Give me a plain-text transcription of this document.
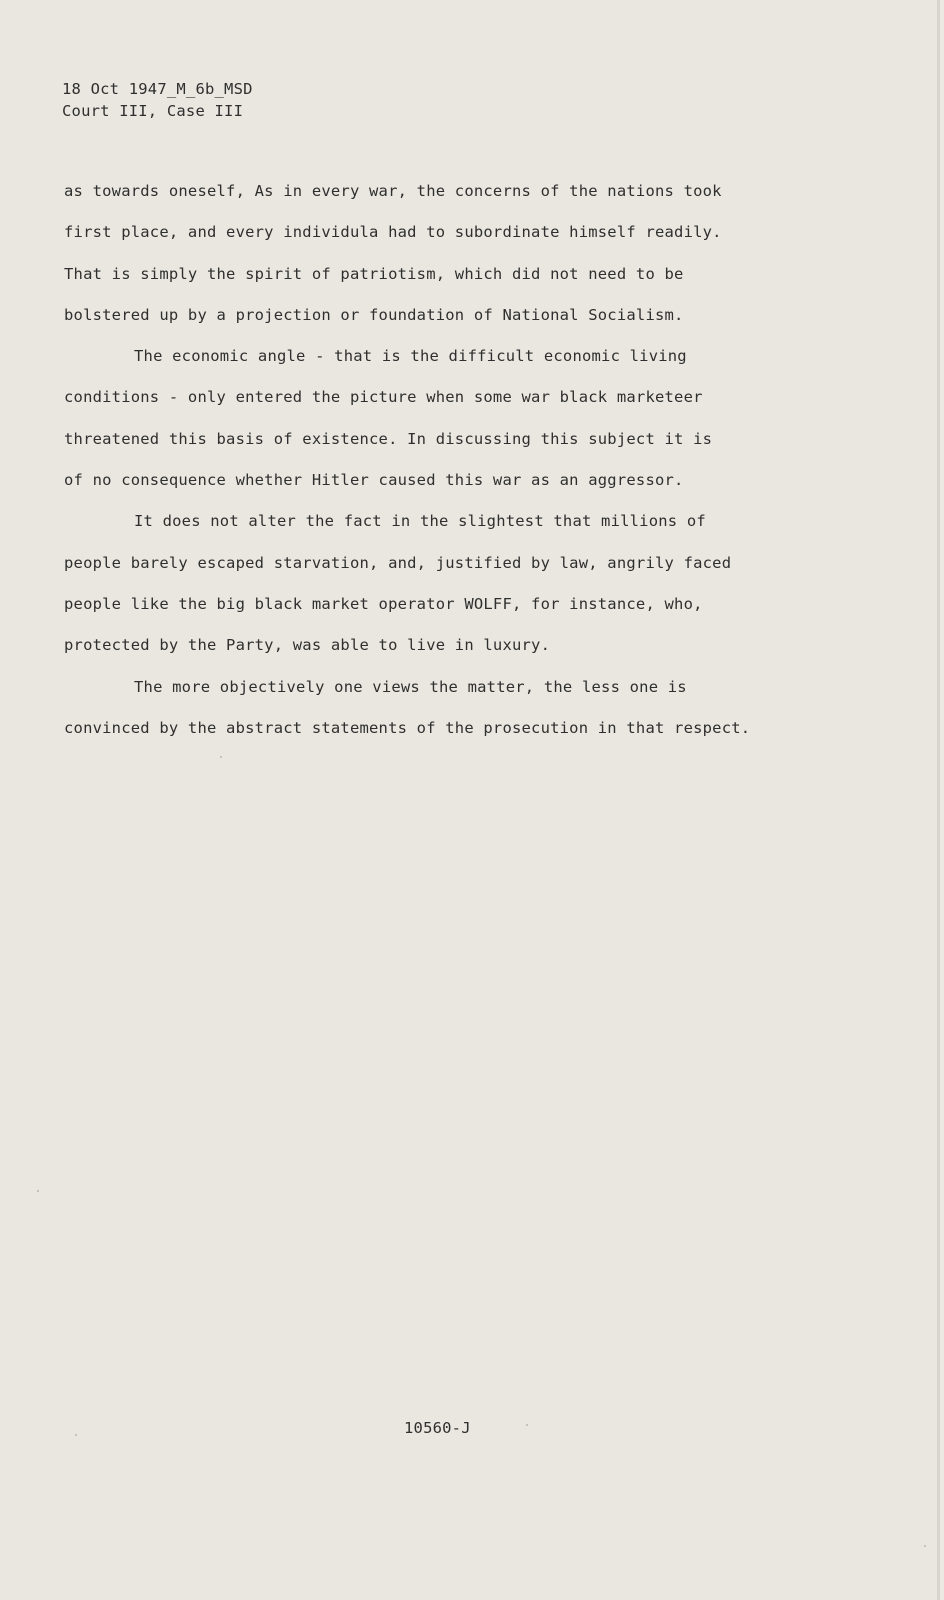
18 Oct 1947_M_6b_MSD
Court III, Case III
as towards oneself, As in every war, the concerns of the nations took
first place, and every individula had to subordinate himself readily.
That is simply the spirit of patriotism, which did not need to be
bolstered up by a projection or foundation of National Socialism.
The economic angle - that is the difficult economic living
conditions - only entered the picture when some war black marketeer
threatened this basis of existence. In discussing this subject it is
of no consequence whether Hitler caused this war as an aggressor.
It does not alter the fact in the slightest that millions of
people barely escaped starvation, and, justified by law, angrily faced
people like the big black market operator WOLFF, for instance, who,
protected by the Party, was able to live in luxury.
The more objectively one views the matter, the less one is
convinced by the abstract statements of the prosecution in that respect.
10560-J
